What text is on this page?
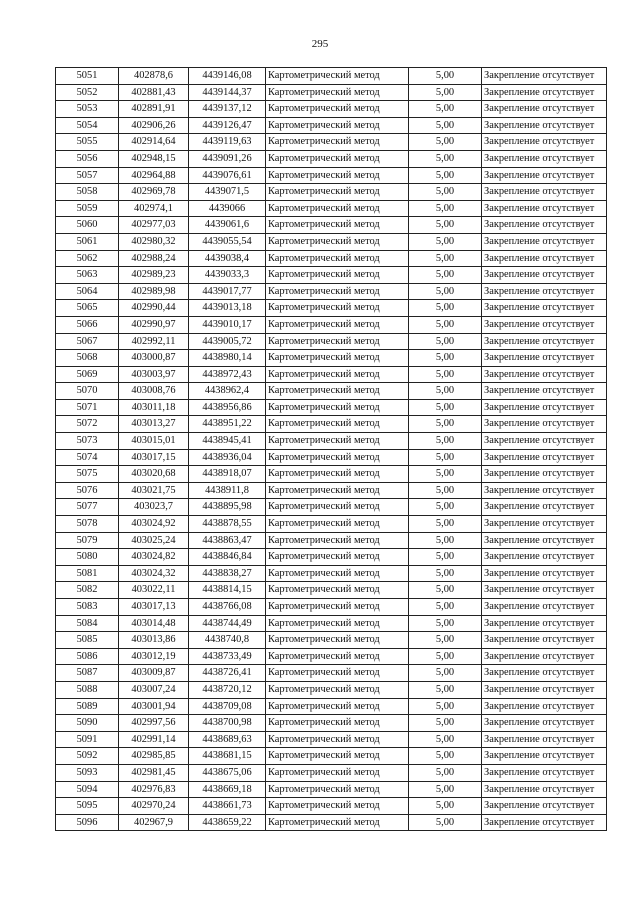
295
5051	402878,6	4439146,08	Картометрический метод	5,00	Закрепление отсутствует
5052	402881,43	4439144,37	Картометрический метод	5,00	Закрепление отсутствует
5053	402891,91	4439137,12	Картометрический метод	5,00	Закрепление отсутствует
5054	402906,26	4439126,47	Картометрический метод	5,00	Закрепление отсутствует
5055	402914,64	4439119,63	Картометрический метод	5,00	Закрепление отсутствует
5056	402948,15	4439091,26	Картометрический метод	5,00	Закрепление отсутствует
5057	402964,88	4439076,61	Картометрический метод	5,00	Закрепление отсутствует
5058	402969,78	4439071,5	Картометрический метод	5,00	Закрепление отсутствует
5059	402974,1	4439066	Картометрический метод	5,00	Закрепление отсутствует
5060	402977,03	4439061,6	Картометрический метод	5,00	Закрепление отсутствует
5061	402980,32	4439055,54	Картометрический метод	5,00	Закрепление отсутствует
5062	402988,24	4439038,4	Картометрический метод	5,00	Закрепление отсутствует
5063	402989,23	4439033,3	Картометрический метод	5,00	Закрепление отсутствует
5064	402989,98	4439017,77	Картометрический метод	5,00	Закрепление отсутствует
5065	402990,44	4439013,18	Картометрический метод	5,00	Закрепление отсутствует
5066	402990,97	4439010,17	Картометрический метод	5,00	Закрепление отсутствует
5067	402992,11	4439005,72	Картометрический метод	5,00	Закрепление отсутствует
5068	403000,87	4438980,14	Картометрический метод	5,00	Закрепление отсутствует
5069	403003,97	4438972,43	Картометрический метод	5,00	Закрепление отсутствует
5070	403008,76	4438962,4	Картометрический метод	5,00	Закрепление отсутствует
5071	403011,18	4438956,86	Картометрический метод	5,00	Закрепление отсутствует
5072	403013,27	4438951,22	Картометрический метод	5,00	Закрепление отсутствует
5073	403015,01	4438945,41	Картометрический метод	5,00	Закрепление отсутствует
5074	403017,15	4438936,04	Картометрический метод	5,00	Закрепление отсутствует
5075	403020,68	4438918,07	Картометрический метод	5,00	Закрепление отсутствует
5076	403021,75	4438911,8	Картометрический метод	5,00	Закрепление отсутствует
5077	403023,7	4438895,98	Картометрический метод	5,00	Закрепление отсутствует
5078	403024,92	4438878,55	Картометрический метод	5,00	Закрепление отсутствует
5079	403025,24	4438863,47	Картометрический метод	5,00	Закрепление отсутствует
5080	403024,82	4438846,84	Картометрический метод	5,00	Закрепление отсутствует
5081	403024,32	4438838,27	Картометрический метод	5,00	Закрепление отсутствует
5082	403022,11	4438814,15	Картометрический метод	5,00	Закрепление отсутствует
5083	403017,13	4438766,08	Картометрический метод	5,00	Закрепление отсутствует
5084	403014,48	4438744,49	Картометрический метод	5,00	Закрепление отсутствует
5085	403013,86	4438740,8	Картометрический метод	5,00	Закрепление отсутствует
5086	403012,19	4438733,49	Картометрический метод	5,00	Закрепление отсутствует
5087	403009,87	4438726,41	Картометрический метод	5,00	Закрепление отсутствует
5088	403007,24	4438720,12	Картометрический метод	5,00	Закрепление отсутствует
5089	403001,94	4438709,08	Картометрический метод	5,00	Закрепление отсутствует
5090	402997,56	4438700,98	Картометрический метод	5,00	Закрепление отсутствует
5091	402991,14	4438689,63	Картометрический метод	5,00	Закрепление отсутствует
5092	402985,85	4438681,15	Картометрический метод	5,00	Закрепление отсутствует
5093	402981,45	4438675,06	Картометрический метод	5,00	Закрепление отсутствует
5094	402976,83	4438669,18	Картометрический метод	5,00	Закрепление отсутствует
5095	402970,24	4438661,73	Картометрический метод	5,00	Закрепление отсутствует
5096	402967,9	4438659,22	Картометрический метод	5,00	Закрепление отсутствует
